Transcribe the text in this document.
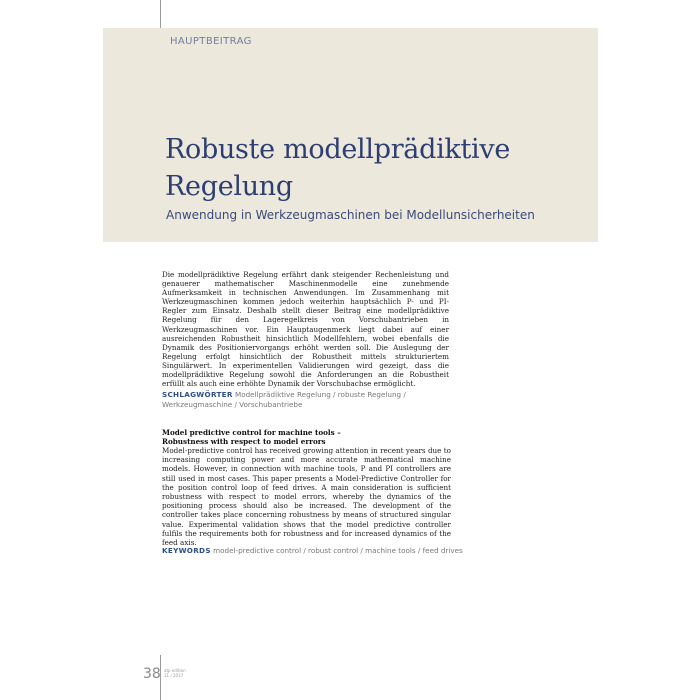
HAUPTBEITRAG
Robuste modellprädiktive Regelung
Anwendung in Werkzeugmaschinen bei Modellunsicherheiten

Die modellprädiktive Regelung erfährt dank steigender Rechenleistung und genauerer mathematischer Maschinenmodelle eine zunehmende Aufmerksamkeit in technischen Anwendungen. Im Zusammenhang mit Werkzeugmaschinen kommen jedoch weiterhin hauptsächlich P- und PI-Regler zum Einsatz. Deshalb stellt dieser Beitrag eine modellprädiktive Regelung für den Lageregelkreis von Vorschubantrieben in Werkzeugmaschinen vor. Ein Hauptaugenmerk liegt dabei auf einer ausreichenden Robustheit hinsichtlich Modellfehlern, wobei ebenfalls die Dynamik des Positioniervorgangs erhöht werden soll. Die Auslegung der Regelung erfolgt hinsichtlich der Robustheit mittels strukturiertem Singulärwert. In experimentellen Validierungen wird gezeigt, dass die modellprädiktive Regelung sowohl die Anforderungen an die Robustheit erfüllt als auch eine erhöhte Dynamik der Vorschubachse ermöglicht.

SCHLAGWÖRTER Modellprädiktive Regelung / robuste Regelung / Werkzeugmaschine / Vorschubantriebe
Model predictive control for machine tools –
Robustness with respect to model errors

Model-predictive control has received growing attention in recent years due to increasing computing power and more accurate mathematical machine models. However, in connection with machine tools, P and PI controllers are still used in most cases. This paper presents a Model-Predictive Controller for the position control loop of feed drives. A main consideration is sufficient robustness with respect to model errors, whereby the dynamics of the positioning process should also be increased. The development of the controller takes place concerning robustness by means of structured singular value. Experimental validation shows that the model predictive controller fulfils the requirements both for robustness and for increased dynamics of the feed axis.

KEYWORDS model-predictive control / robust control / machine tools / feed drives
38 atp edition
11 / 2017
